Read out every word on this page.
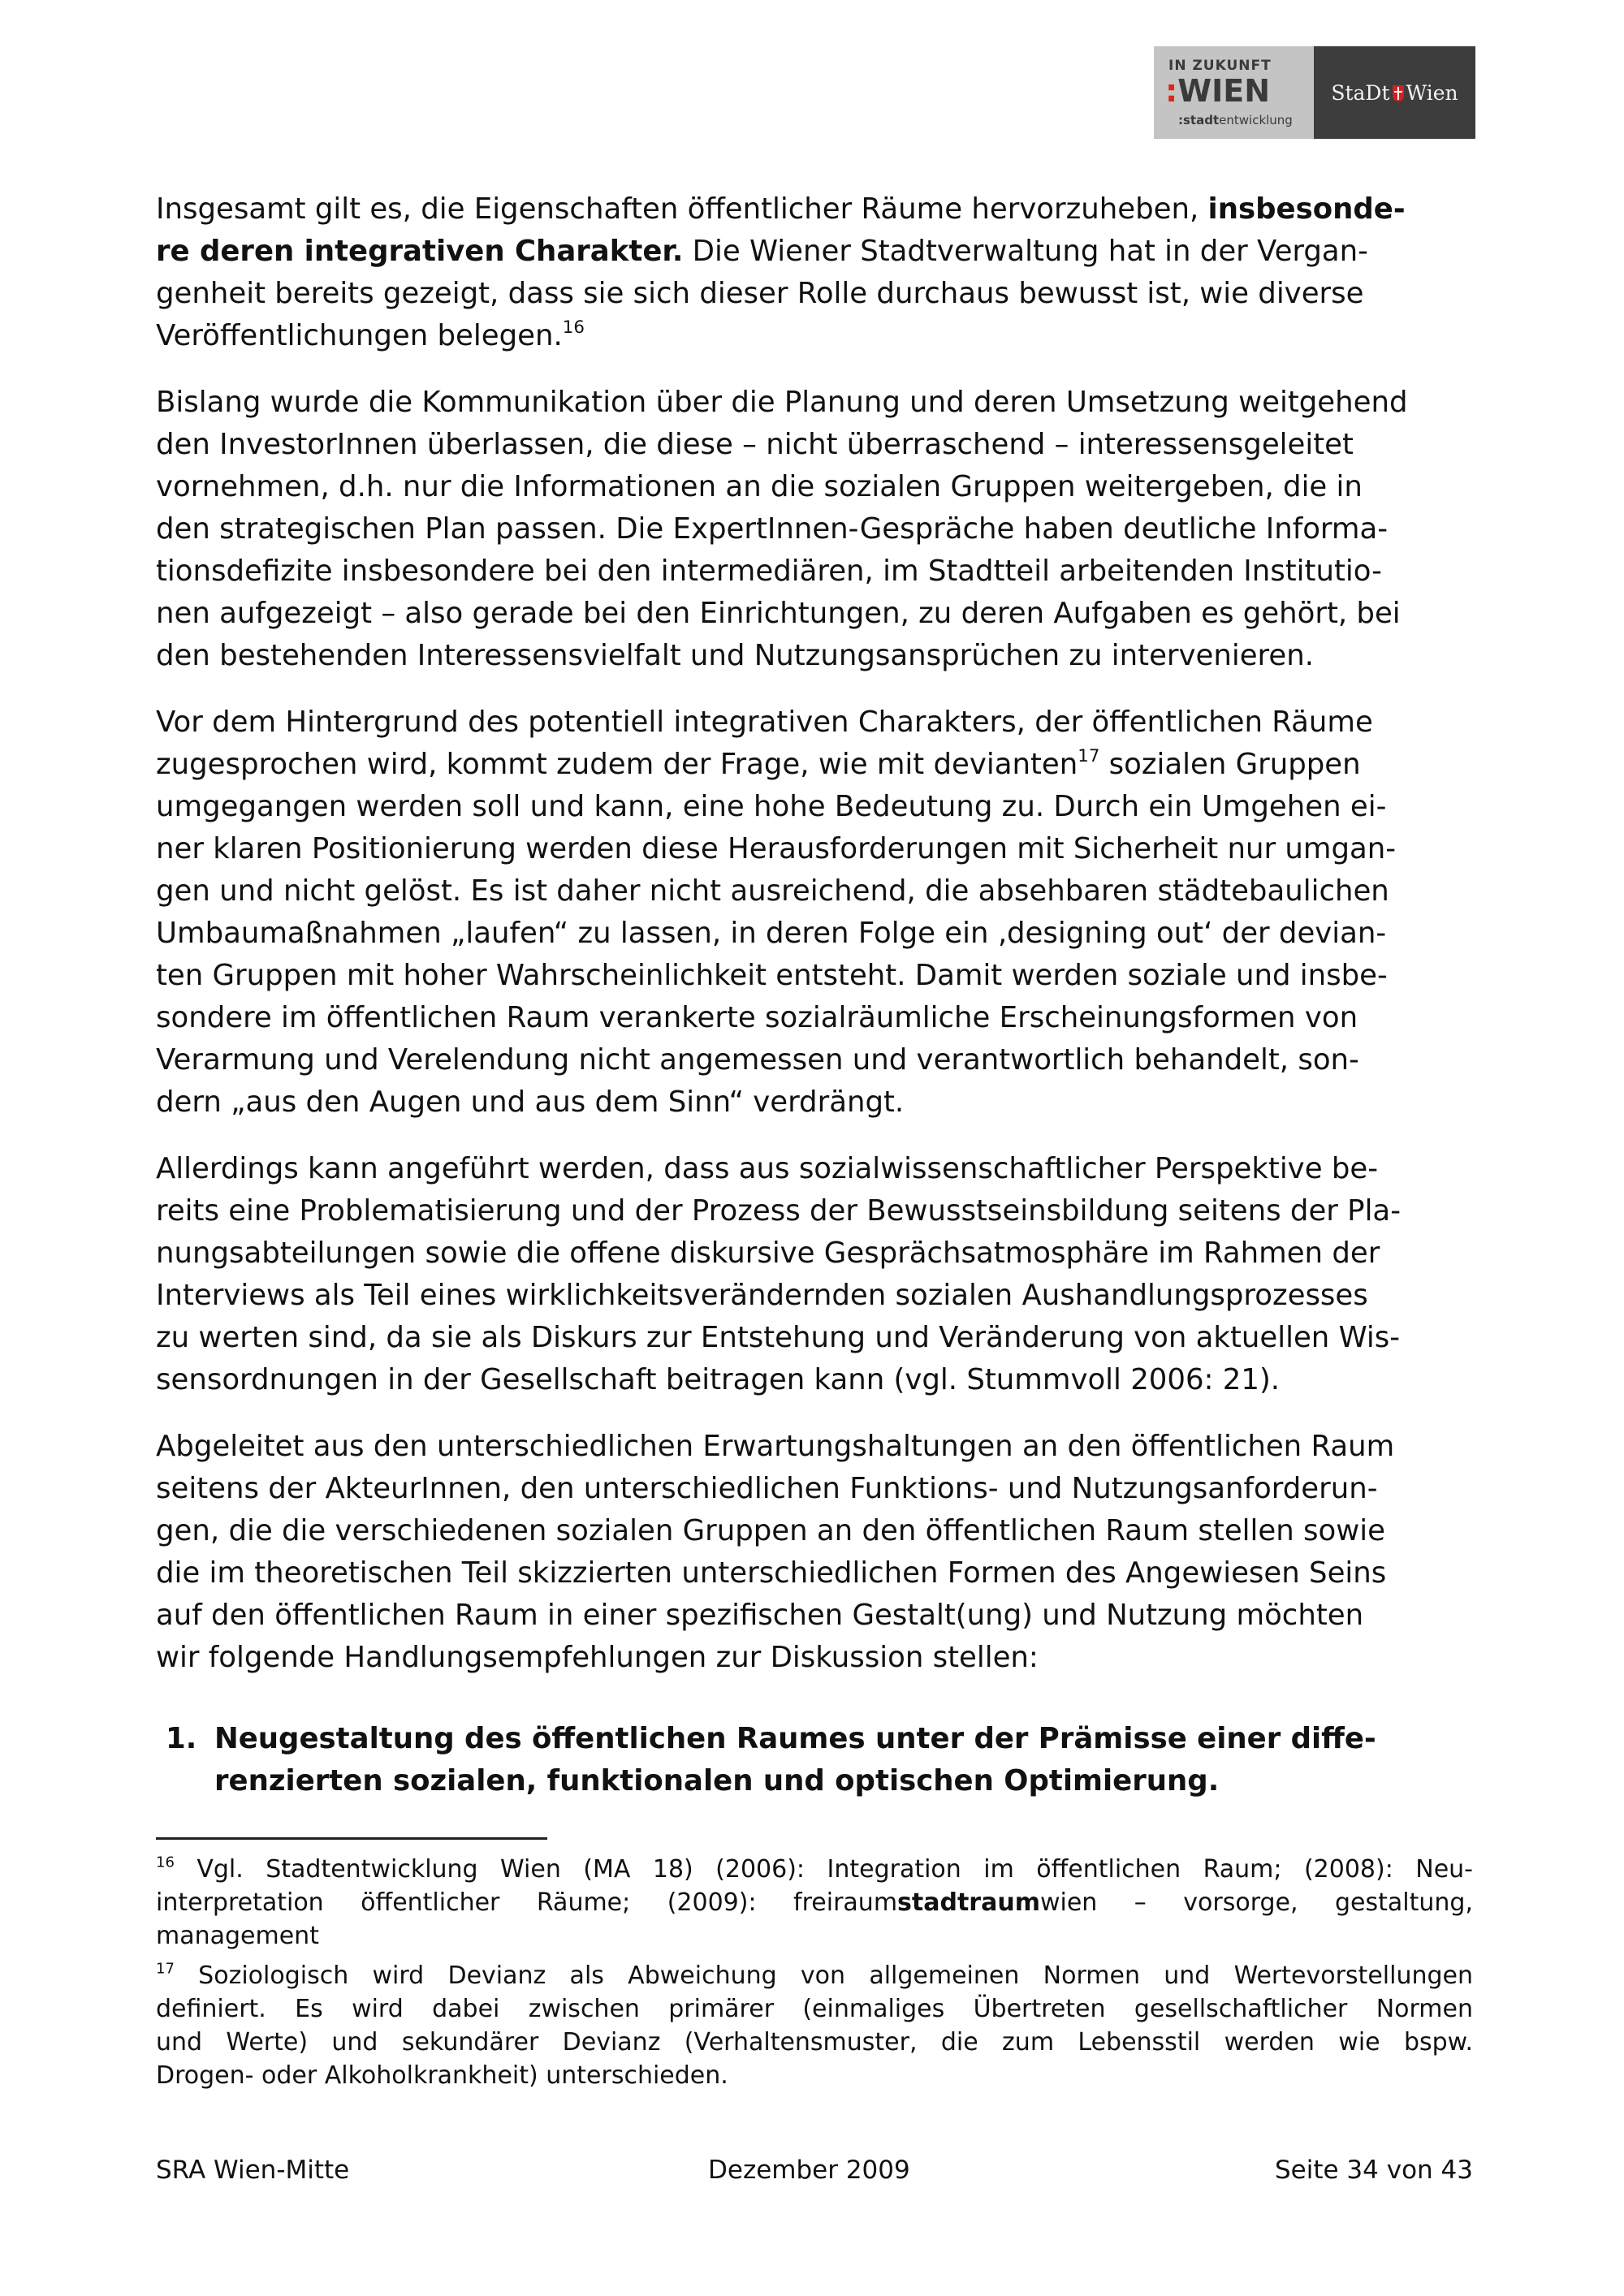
IN ZUKUNFT
:WIEN
:stadtentwicklung
StaDt Wien
Insgesamt gilt es, die Eigenschaften öffentlicher Räume hervorzuheben, insbesonde-
re deren integrativen Charakter. Die Wiener Stadtverwaltung hat in der Vergan-
genheit bereits gezeigt, dass sie sich dieser Rolle durchaus bewusst ist, wie diverse
Veröffentlichungen belegen.$^{16}$
Bislang wurde die Kommunikation über die Planung und deren Umsetzung weitgehend
den InvestorInnen überlassen, die diese – nicht überraschend – interessensgeleitet
vornehmen, d.h. nur die Informationen an die sozialen Gruppen weitergeben, die in
den strategischen Plan passen. Die ExpertInnen-Gespräche haben deutliche Informa-
tionsdefizite insbesondere bei den intermediären, im Stadtteil arbeitenden Institutio-
nen aufgezeigt – also gerade bei den Einrichtungen, zu deren Aufgaben es gehört, bei
den bestehenden Interessensvielfalt und Nutzungsansprüchen zu intervenieren.
Vor dem Hintergrund des potentiell integrativen Charakters, der öffentlichen Räume
zugesprochen wird, kommt zudem der Frage, wie mit devianten$^{17}$ sozialen Gruppen
umgegangen werden soll und kann, eine hohe Bedeutung zu. Durch ein Umgehen ei-
ner klaren Positionierung werden diese Herausforderungen mit Sicherheit nur umgan-
gen und nicht gelöst. Es ist daher nicht ausreichend, die absehbaren städtebaulichen
Umbaumaßnahmen „laufen“ zu lassen, in deren Folge ein ‚designing out‘ der devian-
ten Gruppen mit hoher Wahrscheinlichkeit entsteht. Damit werden soziale und insbe-
sondere im öffentlichen Raum verankerte sozialräumliche Erscheinungsformen von
Verarmung und Verelendung nicht angemessen und verantwortlich behandelt, son-
dern „aus den Augen und aus dem Sinn“ verdrängt.
Allerdings kann angeführt werden, dass aus sozialwissenschaftlicher Perspektive be-
reits eine Problematisierung und der Prozess der Bewusstseinsbildung seitens der Pla-
nungsabteilungen sowie die offene diskursive Gesprächsatmosphäre im Rahmen der
Interviews als Teil eines wirklichkeitsverändernden sozialen Aushandlungsprozesses
zu werten sind, da sie als Diskurs zur Entstehung und Veränderung von aktuellen Wis-
sensordnungen in der Gesellschaft beitragen kann (vgl. Stummvoll 2006: 21).
Abgeleitet aus den unterschiedlichen Erwartungshaltungen an den öffentlichen Raum
seitens der AkteurInnen, den unterschiedlichen Funktions- und Nutzungsanforderun-
gen, die die verschiedenen sozialen Gruppen an den öffentlichen Raum stellen sowie
die im theoretischen Teil skizzierten unterschiedlichen Formen des Angewiesen Seins
auf den öffentlichen Raum in einer spezifischen Gestalt(ung) und Nutzung möchten
wir folgende Handlungsempfehlungen zur Diskussion stellen:
1. Neugestaltung des öffentlichen Raumes unter der Prämisse einer diffe-
renzierten sozialen, funktionalen und optischen Optimierung.
$^{16}$ Vgl. Stadtentwicklung Wien (MA 18) (2006): Integration im öffentlichen Raum; (2008): Neu-
interpretation öffentlicher Räume; (2009): freiraumstadtraumwien – vorsorge, gestaltung,
management
$^{17}$ Soziologisch wird Devianz als Abweichung von allgemeinen Normen und Wertevorstellungen
definiert. Es wird dabei zwischen primärer (einmaliges Übertreten gesellschaftlicher Normen
und Werte) und sekundärer Devianz (Verhaltensmuster, die zum Lebensstil werden wie bspw.
Drogen- oder Alkoholkrankheit) unterschieden.
SRA Wien-Mitte	Dezember 2009	Seite 34 von 43
